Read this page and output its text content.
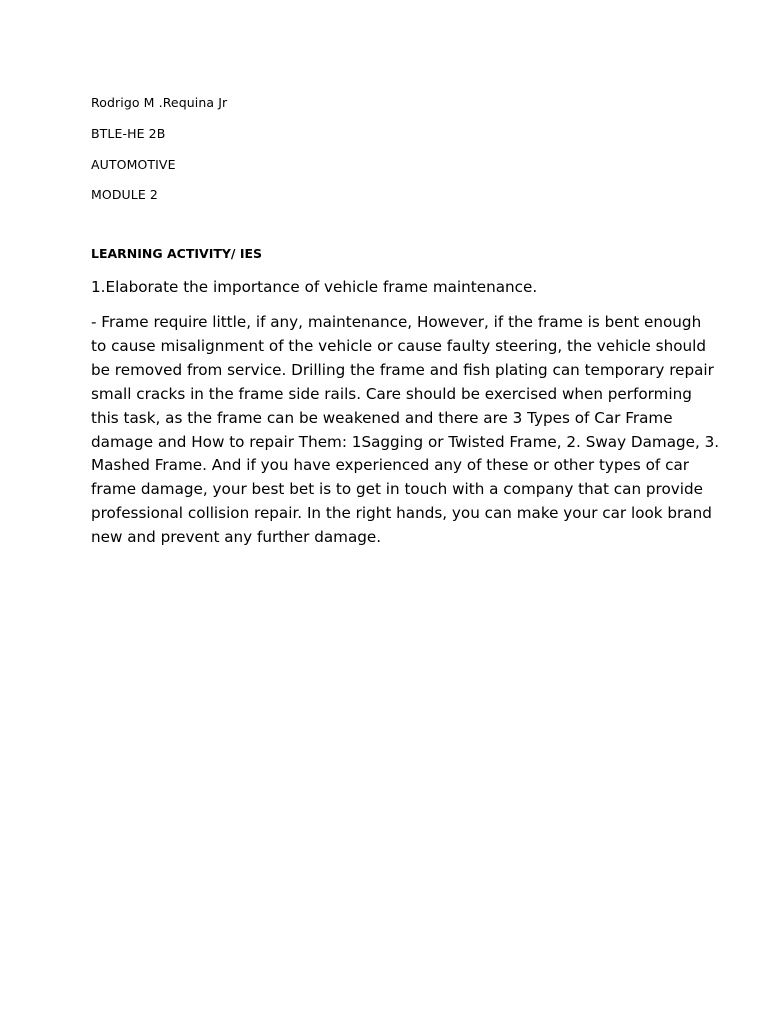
Rodrigo M .Requina Jr
BTLE-HE 2B
AUTOMOTIVE
MODULE 2
LEARNING ACTIVITY/ IES
1.Elaborate the importance of vehicle frame maintenance.
- Frame require little, if any, maintenance, However, if the frame is bent enough
to cause misalignment of the vehicle or cause faulty steering, the vehicle should
be removed from service. Drilling the frame and fish plating can temporary repair
small cracks in the frame side rails. Care should be exercised when performing
this task, as the frame can be weakened and there are 3 Types of Car Frame
damage and How to repair Them: 1Sagging or Twisted Frame, 2. Sway Damage, 3.
Mashed Frame. And if you have experienced any of these or other types of car
frame damage, your best bet is to get in touch with a company that can provide
professional collision repair. In the right hands, you can make your car look brand
new and prevent any further damage.
